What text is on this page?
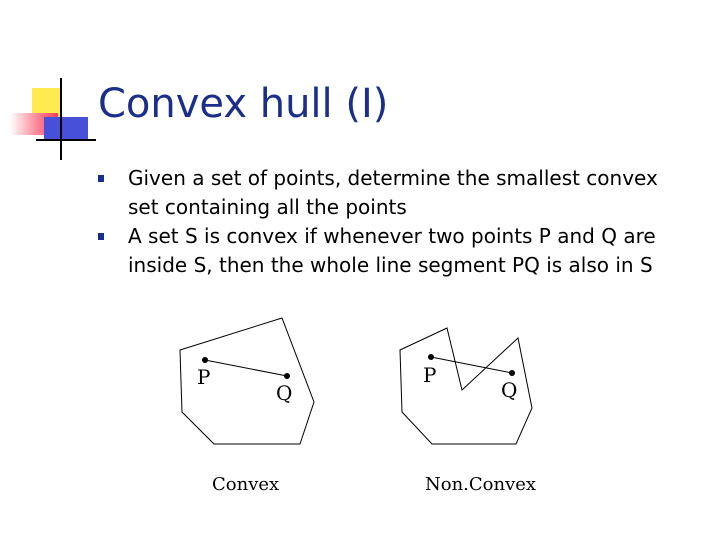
Convex hull (I)
Given a set of points, determine the smallest convex set containing all the points
A set S is convex if whenever two points P and Q are inside S, then the whole line segment PQ is also in S
P
Q
Convex
P
Q
Non.Convex
